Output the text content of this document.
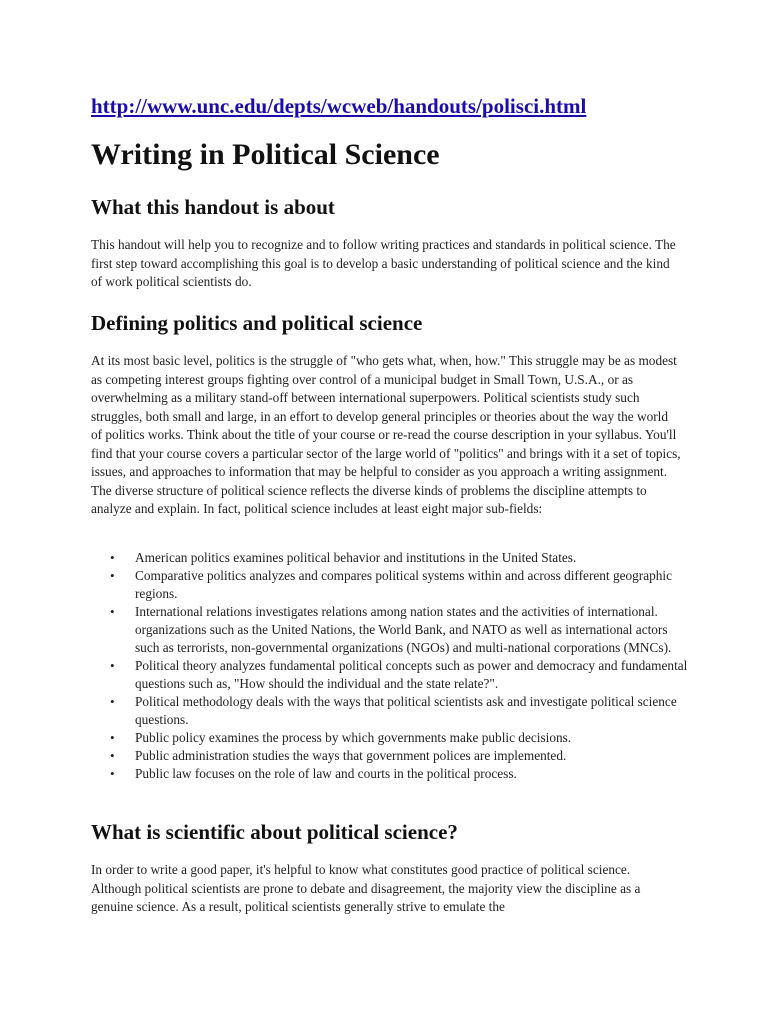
http://www.unc.edu/depts/wcweb/handouts/polisci.html
Writing in Political Science
What this handout is about

This handout will help you to recognize and to follow writing practices and standards in political science. The first step toward accomplishing this goal is to develop a basic understanding of political science and the kind of work political scientists do.

Defining politics and political science

At its most basic level, politics is the struggle of "who gets what, when, how." This struggle may be as modest as competing interest groups fighting over control of a municipal budget in Small Town, U.S.A., or as overwhelming as a military stand-off between international superpowers. Political scientists study such struggles, both small and large, in an effort to develop general principles or theories about the way the world of politics works. Think about the title of your course or re-read the course description in your syllabus. You'll find that your course covers a particular sector of the large world of "politics" and brings with it a set of topics, issues, and approaches to information that may be helpful to consider as you approach a writing assignment. The diverse structure of political science reflects the diverse kinds of problems the discipline attempts to analyze and explain. In fact, political science includes at least eight major sub-fields:

• American politics examines political behavior and institutions in the United States.
• Comparative politics analyzes and compares political systems within and across different geographic regions.
• International relations investigates relations among nation states and the activities of international. organizations such as the United Nations, the World Bank, and NATO as well as international actors such as terrorists, non-governmental organizations (NGOs) and multi-national corporations (MNCs).
• Political theory analyzes fundamental political concepts such as power and democracy and fundamental questions such as, "How should the individual and the state relate?".
• Political methodology deals with the ways that political scientists ask and investigate political science questions.
• Public policy examines the process by which governments make public decisions.
• Public administration studies the ways that government polices are implemented.
• Public law focuses on the role of law and courts in the political process.
What is scientific about political science?

In order to write a good paper, it's helpful to know what constitutes good practice of political science. Although political scientists are prone to debate and disagreement, the majority view the discipline as a genuine science. As a result, political scientists generally strive to emulate the
